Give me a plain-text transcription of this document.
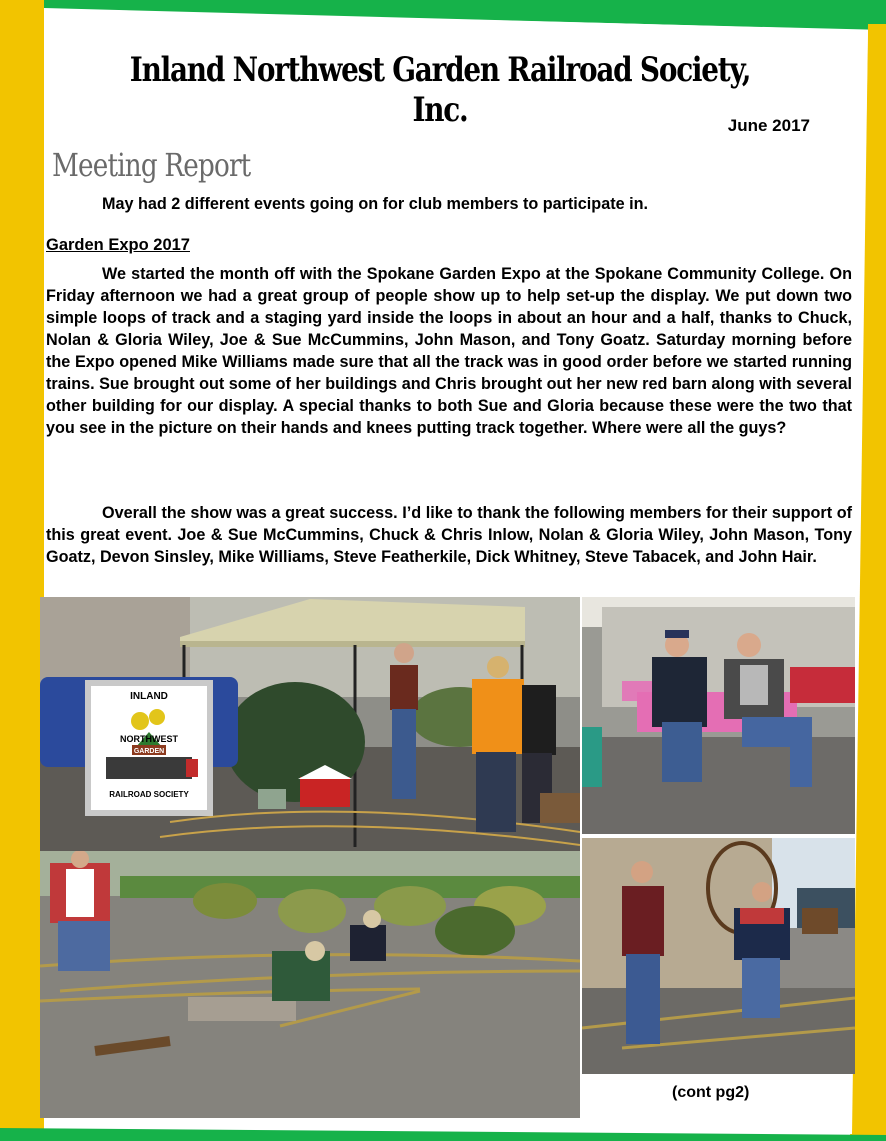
Inland Northwest Garden Railroad Society, Inc.	June 2017
Meeting Report

May had 2 different events going on for club members to participate in.

Garden Expo 2017

We started the month off with the Spokane Garden Expo at the Spokane Community College. On Friday afternoon we had a great group of people show up to help set-up the display. We put down two simple loops of track and a staging yard inside the loops in about an hour and a half, thanks to Chuck, Nolan & Gloria Wiley, Joe & Sue McCummins, John Mason, and Tony Goatz. Saturday morning before the Expo opened Mike Williams made sure that all the track was in good order before we started running trains. Sue brought out some of her buildings and Chris brought out her new red barn along with several other building for our display. A special thanks to both Sue and Gloria because these were the two that you see in the picture on their hands and knees putting track together. Where were all the guys?

Overall the show was a great success. I’d like to thank the following members for their support of this great event. Joe & Sue McCummins, Chuck & Chris Inlow, Nolan & Gloria Wiley, John Mason, Tony Goatz, Devon Sinsley, Mike Williams, Steve Featherkile, Dick Whitney, Steve Tabacek, and John Hair.

INLAND
NORTHWEST
GARDEN
RAILROAD SOCIETY
(cont pg2)
